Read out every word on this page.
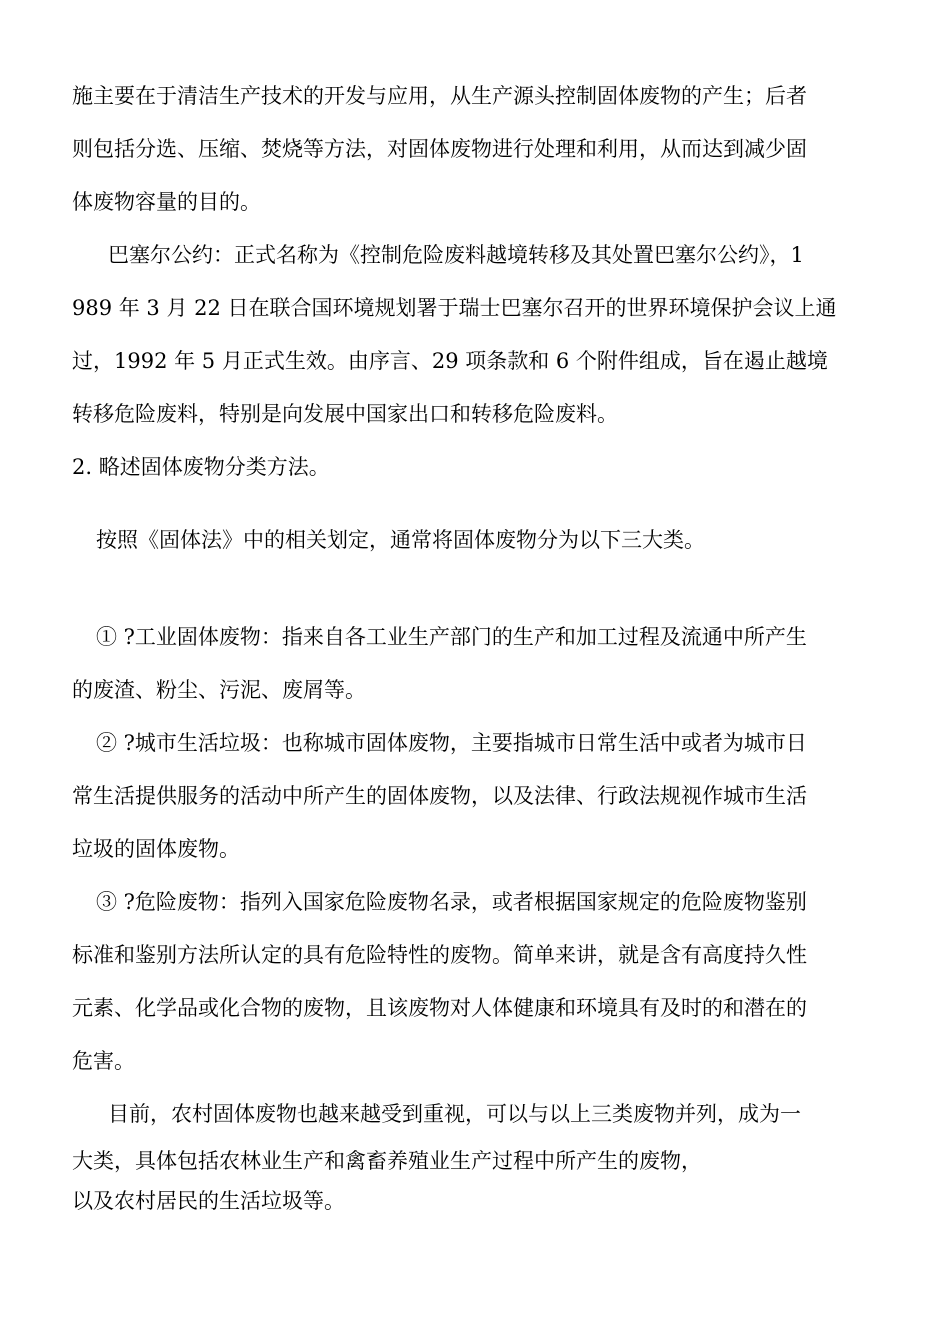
施主要在于清洁生产技术的开发与应用，从生产源头控制固体废物的产生；后者
则包括分选、压缩、焚烧等方法，对固体废物进行处理和利用，从而达到减少固
体废物容量的目的。
巴塞尔公约：正式名称为《控制危险废料越境转移及其处置巴塞尔公约》，1
989 年 3 月 22 日在联合国环境规划署于瑞士巴塞尔召开的世界环境保护会议上通
过，1992 年 5 月正式生效。由序言、29 项条款和 6 个附件组成，旨在遏止越境
转移危险废料，特别是向发展中国家出口和转移危险废料。
2. 略述固体废物分类方法。
按照《固体法》中的相关划定，通常将固体废物分为以下三大类。
① ?工业固体废物：指来自各工业生产部门的生产和加工过程及流通中所产生
的废渣、粉尘、污泥、废屑等。
② ?城市生活垃圾：也称城市固体废物，主要指城市日常生活中或者为城市日
常生活提供服务的活动中所产生的固体废物，以及法律、行政法规视作城市生活
垃圾的固体废物。
③ ?危险废物：指列入国家危险废物名录，或者根据国家规定的危险废物鉴别
标准和鉴别方法所认定的具有危险特性的废物。简单来讲，就是含有高度持久性
元素、化学品或化合物的废物，且该废物对人体健康和环境具有及时的和潜在的
危害。
目前，农村固体废物也越来越受到重视，可以与以上三类废物并列，成为一
大类，具体包括农林业生产和禽畜养殖业生产过程中所产生的废物，
以及农村居民的生活垃圾等。
